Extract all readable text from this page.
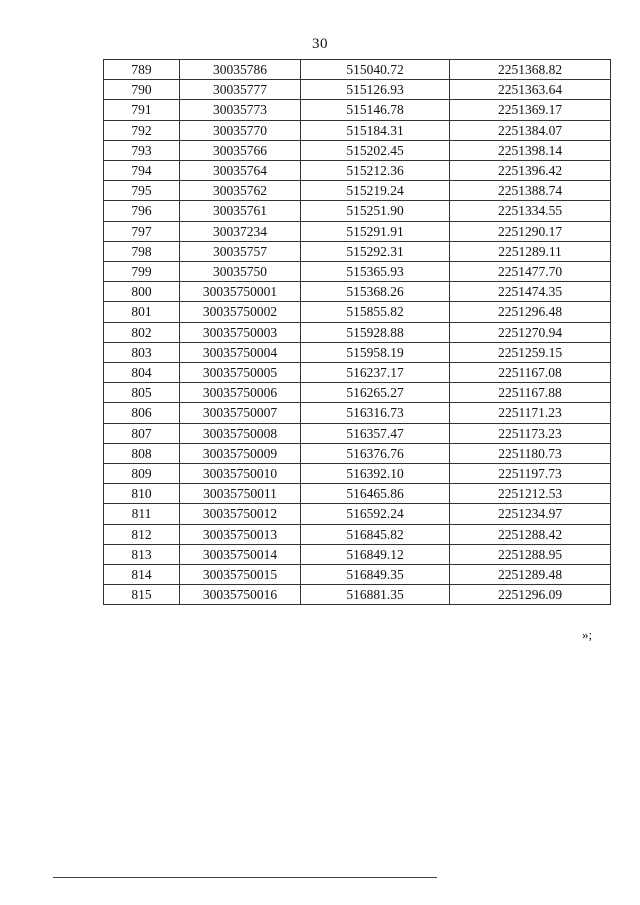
30
789	30035786	515040.72	2251368.82
790	30035777	515126.93	2251363.64
791	30035773	515146.78	2251369.17
792	30035770	515184.31	2251384.07
793	30035766	515202.45	2251398.14
794	30035764	515212.36	2251396.42
795	30035762	515219.24	2251388.74
796	30035761	515251.90	2251334.55
797	30037234	515291.91	2251290.17
798	30035757	515292.31	2251289.11
799	30035750	515365.93	2251477.70
800	30035750001	515368.26	2251474.35
801	30035750002	515855.82	2251296.48
802	30035750003	515928.88	2251270.94
803	30035750004	515958.19	2251259.15
804	30035750005	516237.17	2251167.08
805	30035750006	516265.27	2251167.88
806	30035750007	516316.73	2251171.23
807	30035750008	516357.47	2251173.23
808	30035750009	516376.76	2251180.73
809	30035750010	516392.10	2251197.73
810	30035750011	516465.86	2251212.53
811	30035750012	516592.24	2251234.97
812	30035750013	516845.82	2251288.42
813	30035750014	516849.12	2251288.95
814	30035750015	516849.35	2251289.48
815	30035750016	516881.35	2251296.09
»;
